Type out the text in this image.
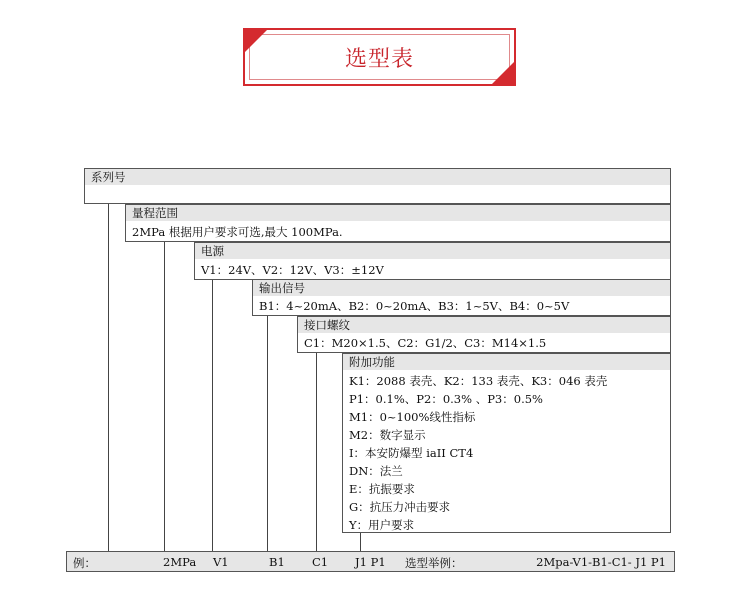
选型表
系列号
量程范围
2MPa 根据用户要求可选,最大 100MPa.
电源
V1：24V、V2：12V、V3：±12V
输出信号
B1：4~20mA、B2：0~20mA、B3：1~5V、B4：0~5V
接口螺纹
C1：M20×1.5、C2：G1/2、C3：M14×1.5
附加功能
K1：2088 表壳、K2：133 表壳、K3：046 表壳
P1：0.1%、P2：0.3% 、P3：0.5%
M1：0~100%线性指标
M2：数字显示
I：本安防爆型 iaII CT4
DN：法兰
E：抗振要求
G：抗压力冲击要求
Y：用户要求
例：	2MPa V1	B1 C1 J1 P1 选型举例：	2Mpa-V1-B1-C1- J1 P1
